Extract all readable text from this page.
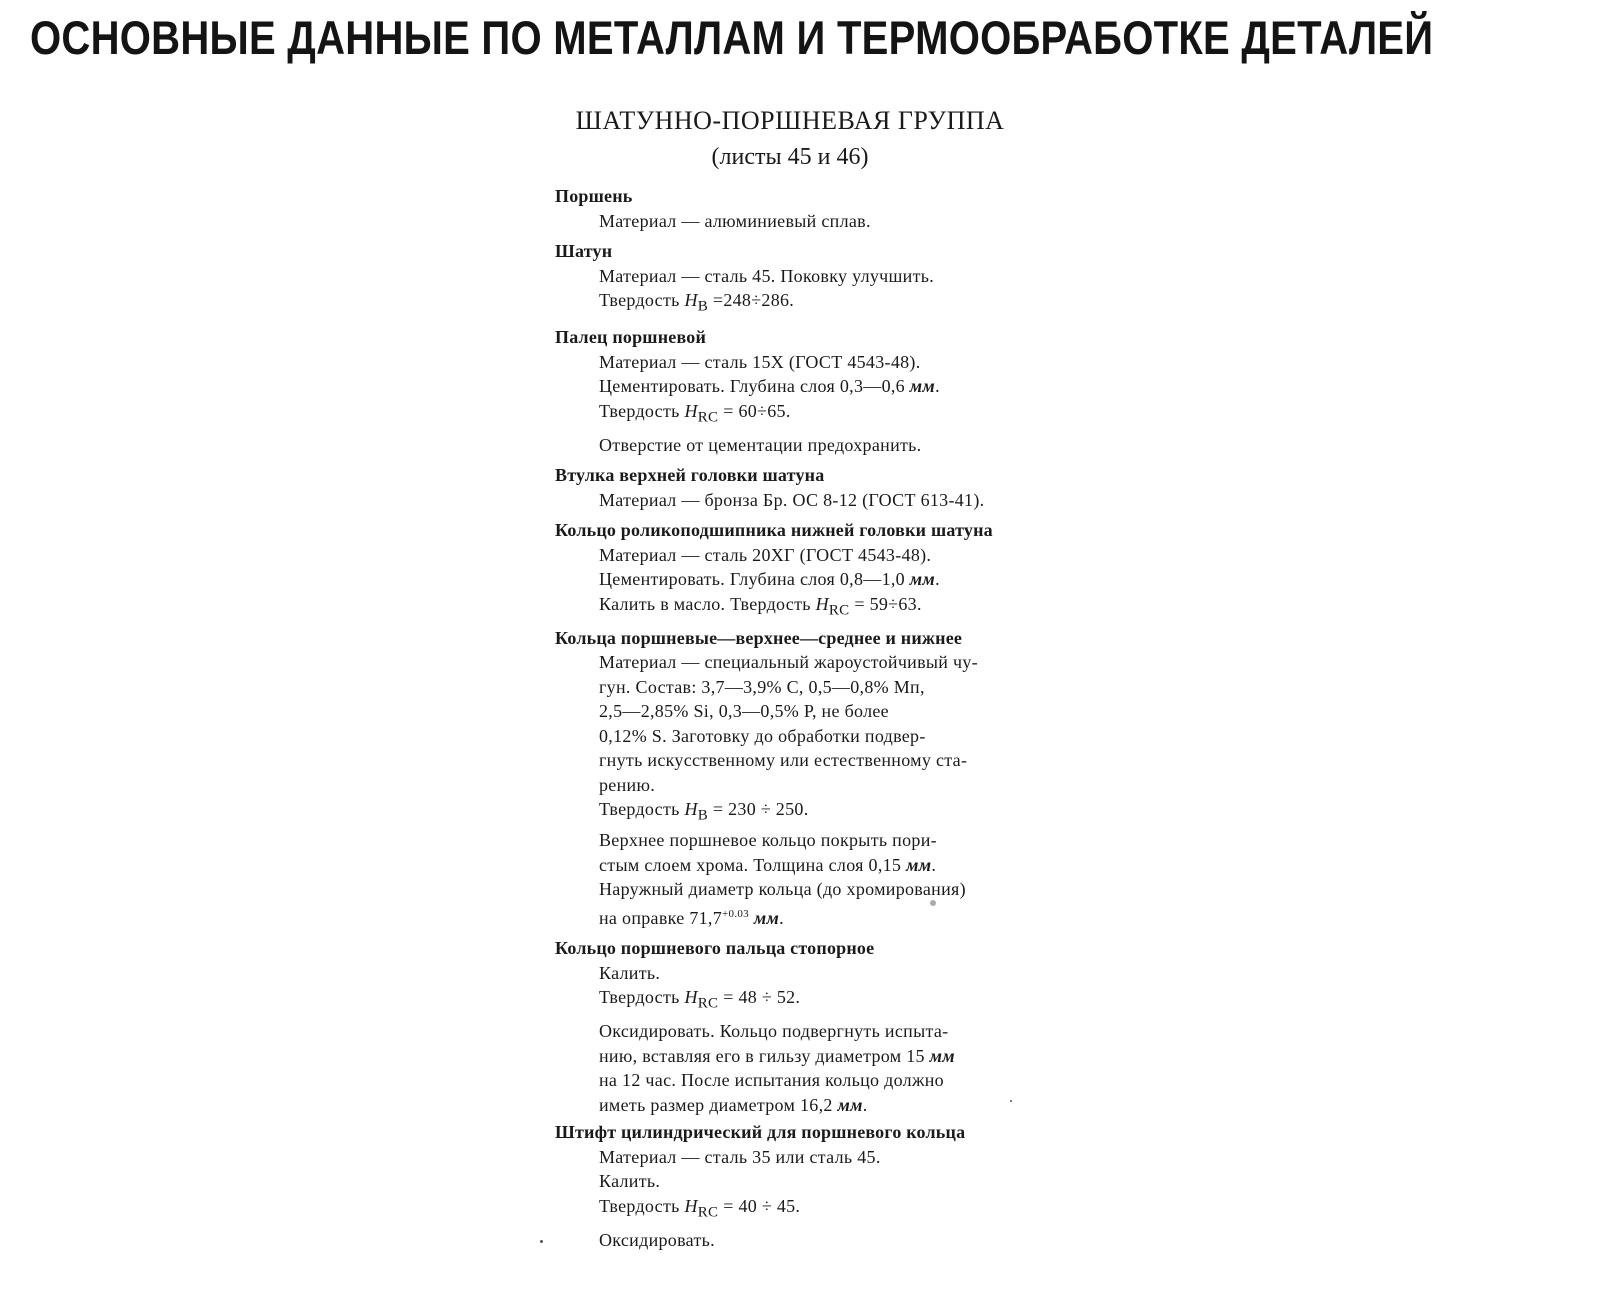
ОСНОВНЫЕ ДАННЫЕ ПО МЕТАЛЛАМ И ТЕРМООБРАБОТКЕ ДЕТАЛЕЙ
ШАТУННО-ПОРШНЕВАЯ ГРУППА
(листы 45 и 46)
Поршень
Материал — алюминиевый сплав.
Шатун
Материал — сталь 45. Поковку улучшить.
Твердость $H_B =248\div 286$.
Палец поршневой
Материал — сталь 15Х (ГОСТ 4543-48).
Цементировать. Глубина слоя 0,3—0,6 мм.
Твердость $H_{RC} = 60\div 65$.
Отверстие от цементации предохранить.
Втулка верхней головки шатуна
Материал — бронза Бр. ОС 8-12 (ГОСТ 613-41).
Кольцо роликоподшипника нижней головки шатуна
Материал — сталь 20ХГ (ГОСТ 4543-48).
Цементировать. Глубина слоя 0,8—1,0 мм.
Калить в масло. Твердость $H_{RC} = 59\div 63$.
Кольца поршневые—верхнее—среднее и нижнее
Материал — специальный жароустойчивый чу-
гун. Состав: 3,7—3,9% С, 0,5—0,8% Мп,
2,5—2,85% Si, 0,3—0,5% Р, не более
0,12% S. Заготовку до обработки подвер-
гнуть искусственному или естественному ста-
рению.
Твердость $H_B = 230 \div 250$.
Верхнее поршневое кольцо покрыть пори-
стым слоем хрома. Толщина слоя 0,15 мм.
Наружный диаметр кольца (до хромирования)
на оправке $71,7^{+0.03}$ мм.
Кольцо поршневого пальца стопорное
Калить.
Твердость $H_{RC} = 48 \div 52$.
Оксидировать. Кольцо подвергнуть испыта-
нию, вставляя его в гильзу диаметром 15 мм
на 12 час. После испытания кольцо должно
иметь размер диаметром 16,2 мм.
Штифт цилиндрический для поршневого кольца
Материал — сталь 35 или сталь 45.
Калить.
Твердость $H_{RC} = 40 \div 45$.
Оксидировать.
